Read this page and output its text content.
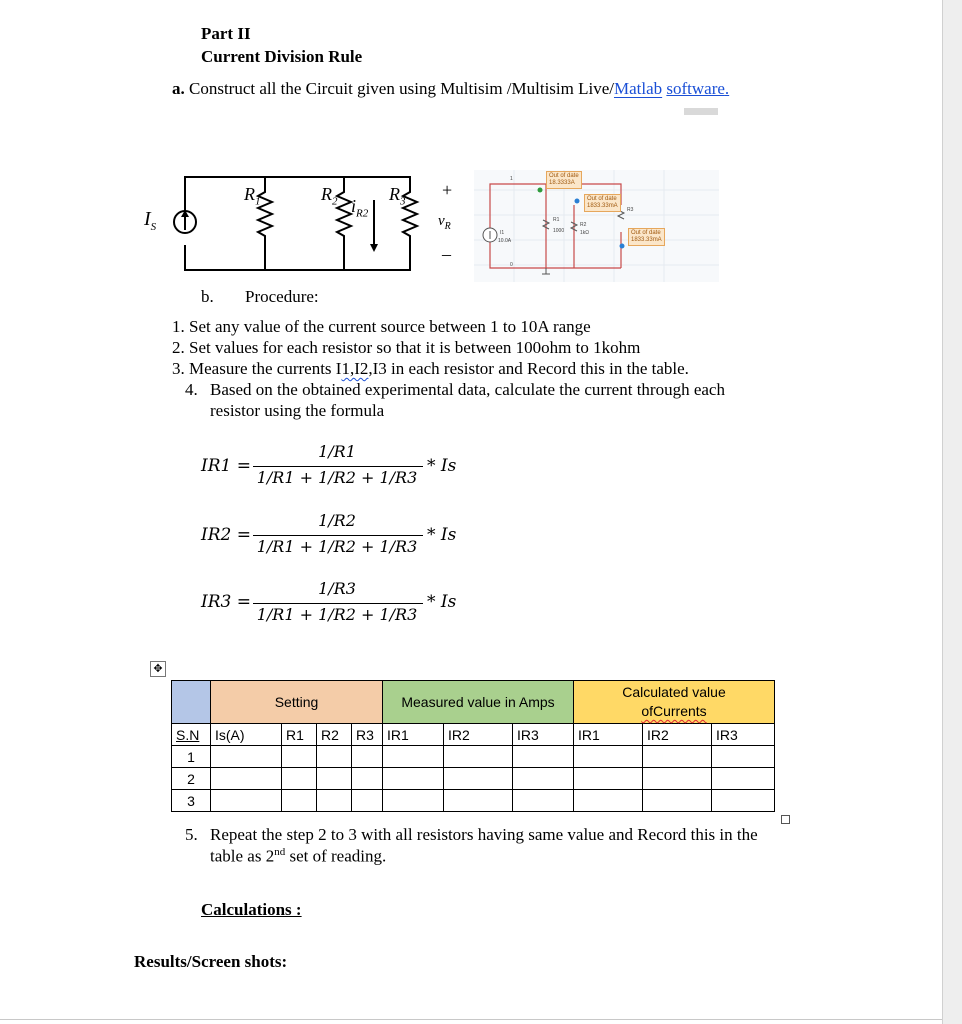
Part II
Current Division Rule
a. Construct all the Circuit given using Multisim /Multisim Live/Matlab software.
$I_S$
$R_1$	$R_2$	$R_3$
$i_{R2}$
+
$v_R$
–
Out of date
18.3333A
Out of date
1833.33mA
Out of date
1833.33mA
I1
10.0A
R1
1000
R2
1kΩ
R3
1
0
b. Procedure:
1. Set any value of the current source between 1 to 10A range
2. Set values for each resistor so that it is between 100ohm to 1kohm
3. Measure the currents I1,I2,I3 in each resistor and Record this in the table.
4. Based on the obtained experimental data, calculate the current through each
resistor using the formula
IR1 =
1/R1
1/R1 + 1/R2 + 1/R3
* Is
IR2 =
1/R2
1/R1 + 1/R2 + 1/R3
* Is
IR3 =
1/R3
1/R1 + 1/R2 + 1/R3
* Is
✥
	Setting				Measured value in Amps			Calculated value
ofCurrents		

S.N	Is(A)	R1	R2	R3	IR1	IR2	IR3	IR1	IR2	IR3
1										
2										
3										
5. Repeat the step 2 to 3 with all resistors having same value and Record this in the
table as 2nd set of reading.
Calculations :
Results/Screen shots:
